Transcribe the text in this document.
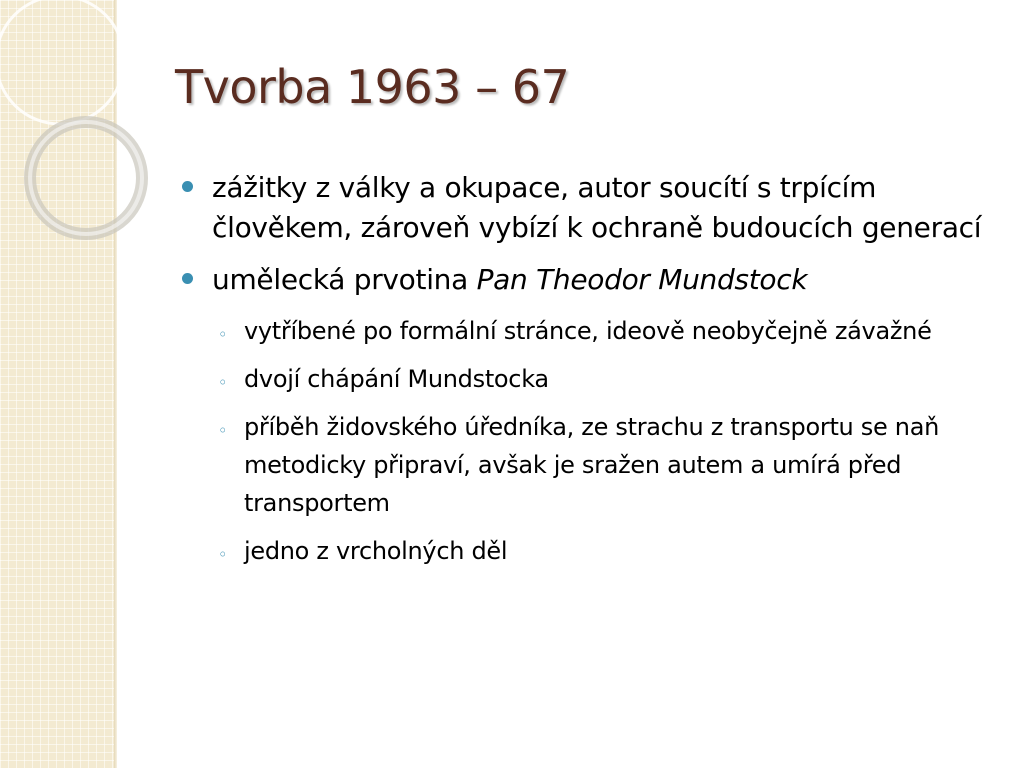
Tvorba 1963 – 67
zážitky z války a okupace, autor soucítí s trpícím člověkem, zároveň vybízí k ochraně budoucích generací
umělecká prvotina Pan Theodor Mundstock
◦ vytříbené po formální stránce, ideově neobyčejně závažné
◦ dvojí chápání Mundstocka
◦ příběh židovského úředníka, ze strachu z transportu se naň metodicky připraví, avšak je sražen autem a umírá před transportem
◦ jedno z vrcholných děl
